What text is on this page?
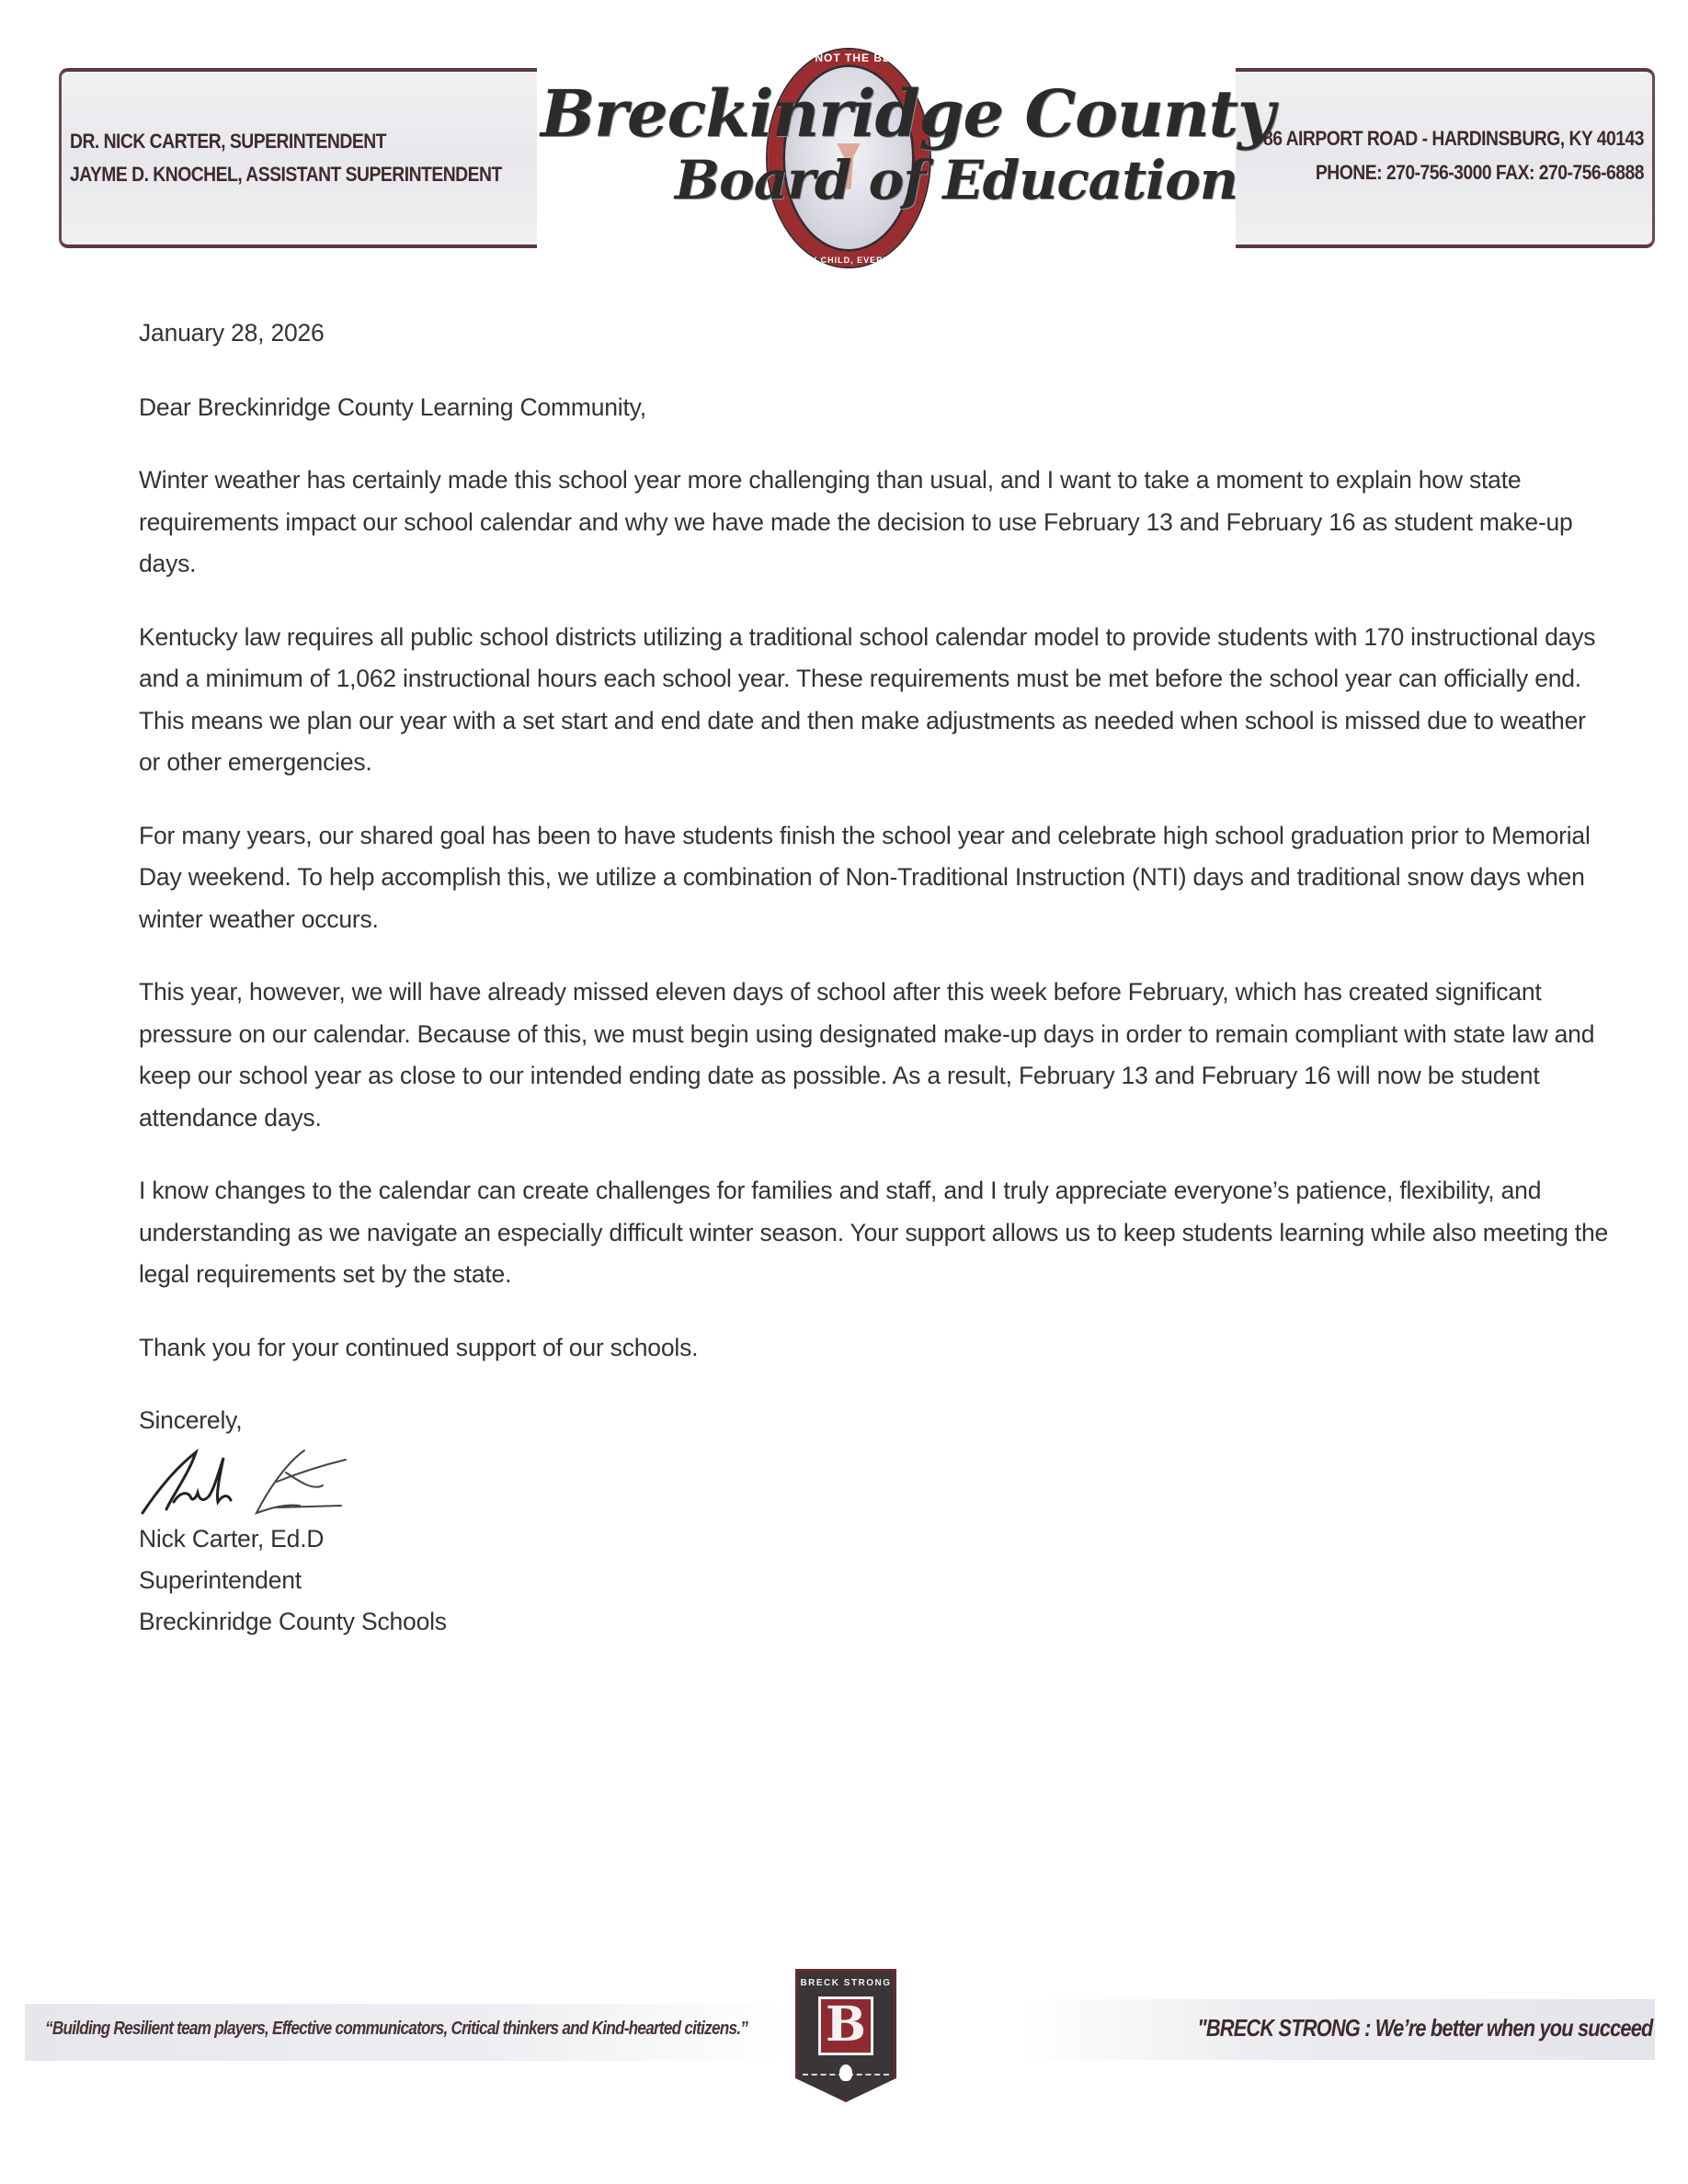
DR. NICK CARTER, SUPERINTENDENT
JAYME D. KNOCHEL, ASSISTANT SUPERINTENDENT
WHY NOT THE BEST?
EVERY CHILD, EVERY DAY
Breckinridge County
Board of Education
86 AIRPORT ROAD - HARDINSBURG, KY 40143
PHONE: 270-756-3000 FAX: 270-756-6888

January 28, 2026

Dear Breckinridge County Learning Community,

Winter weather has certainly made this school year more challenging than usual, and I want to take a moment to explain how state requirements impact our school calendar and why we have made the decision to use February 13 and February 16 as student make-up days.

Kentucky law requires all public school districts utilizing a traditional school calendar model to provide students with 170 instructional days and a minimum of 1,062 instructional hours each school year. These requirements must be met before the school year can officially end. This means we plan our year with a set start and end date and then make adjustments as needed when school is missed due to weather or other emergencies.

For many years, our shared goal has been to have students finish the school year and celebrate high school graduation prior to Memorial Day weekend. To help accomplish this, we utilize a combination of Non-Traditional Instruction (NTI) days and traditional snow days when winter weather occurs.

This year, however, we will have already missed eleven days of school after this week before February, which has created significant pressure on our calendar. Because of this, we must begin using designated make-up days in order to remain compliant with state law and keep our school year as close to our intended ending date as possible. As a result, February 13 and February 16 will now be student attendance days.

I know changes to the calendar can create challenges for families and staff, and I truly appreciate everyone’s patience, flexibility, and understanding as we navigate an especially difficult winter season. Your support allows us to keep students learning while also meeting the legal requirements set by the state.

Thank you for your continued support of our schools.

Sincerely,
Nick Carter, Ed.D
Superintendent
Breckinridge County Schools
“Building Resilient team players, Effective communicators, Critical thinkers and Kind-hearted citizens.”
BRECK STRONG
B	"BRECK STRONG : We’re better when you succeed
